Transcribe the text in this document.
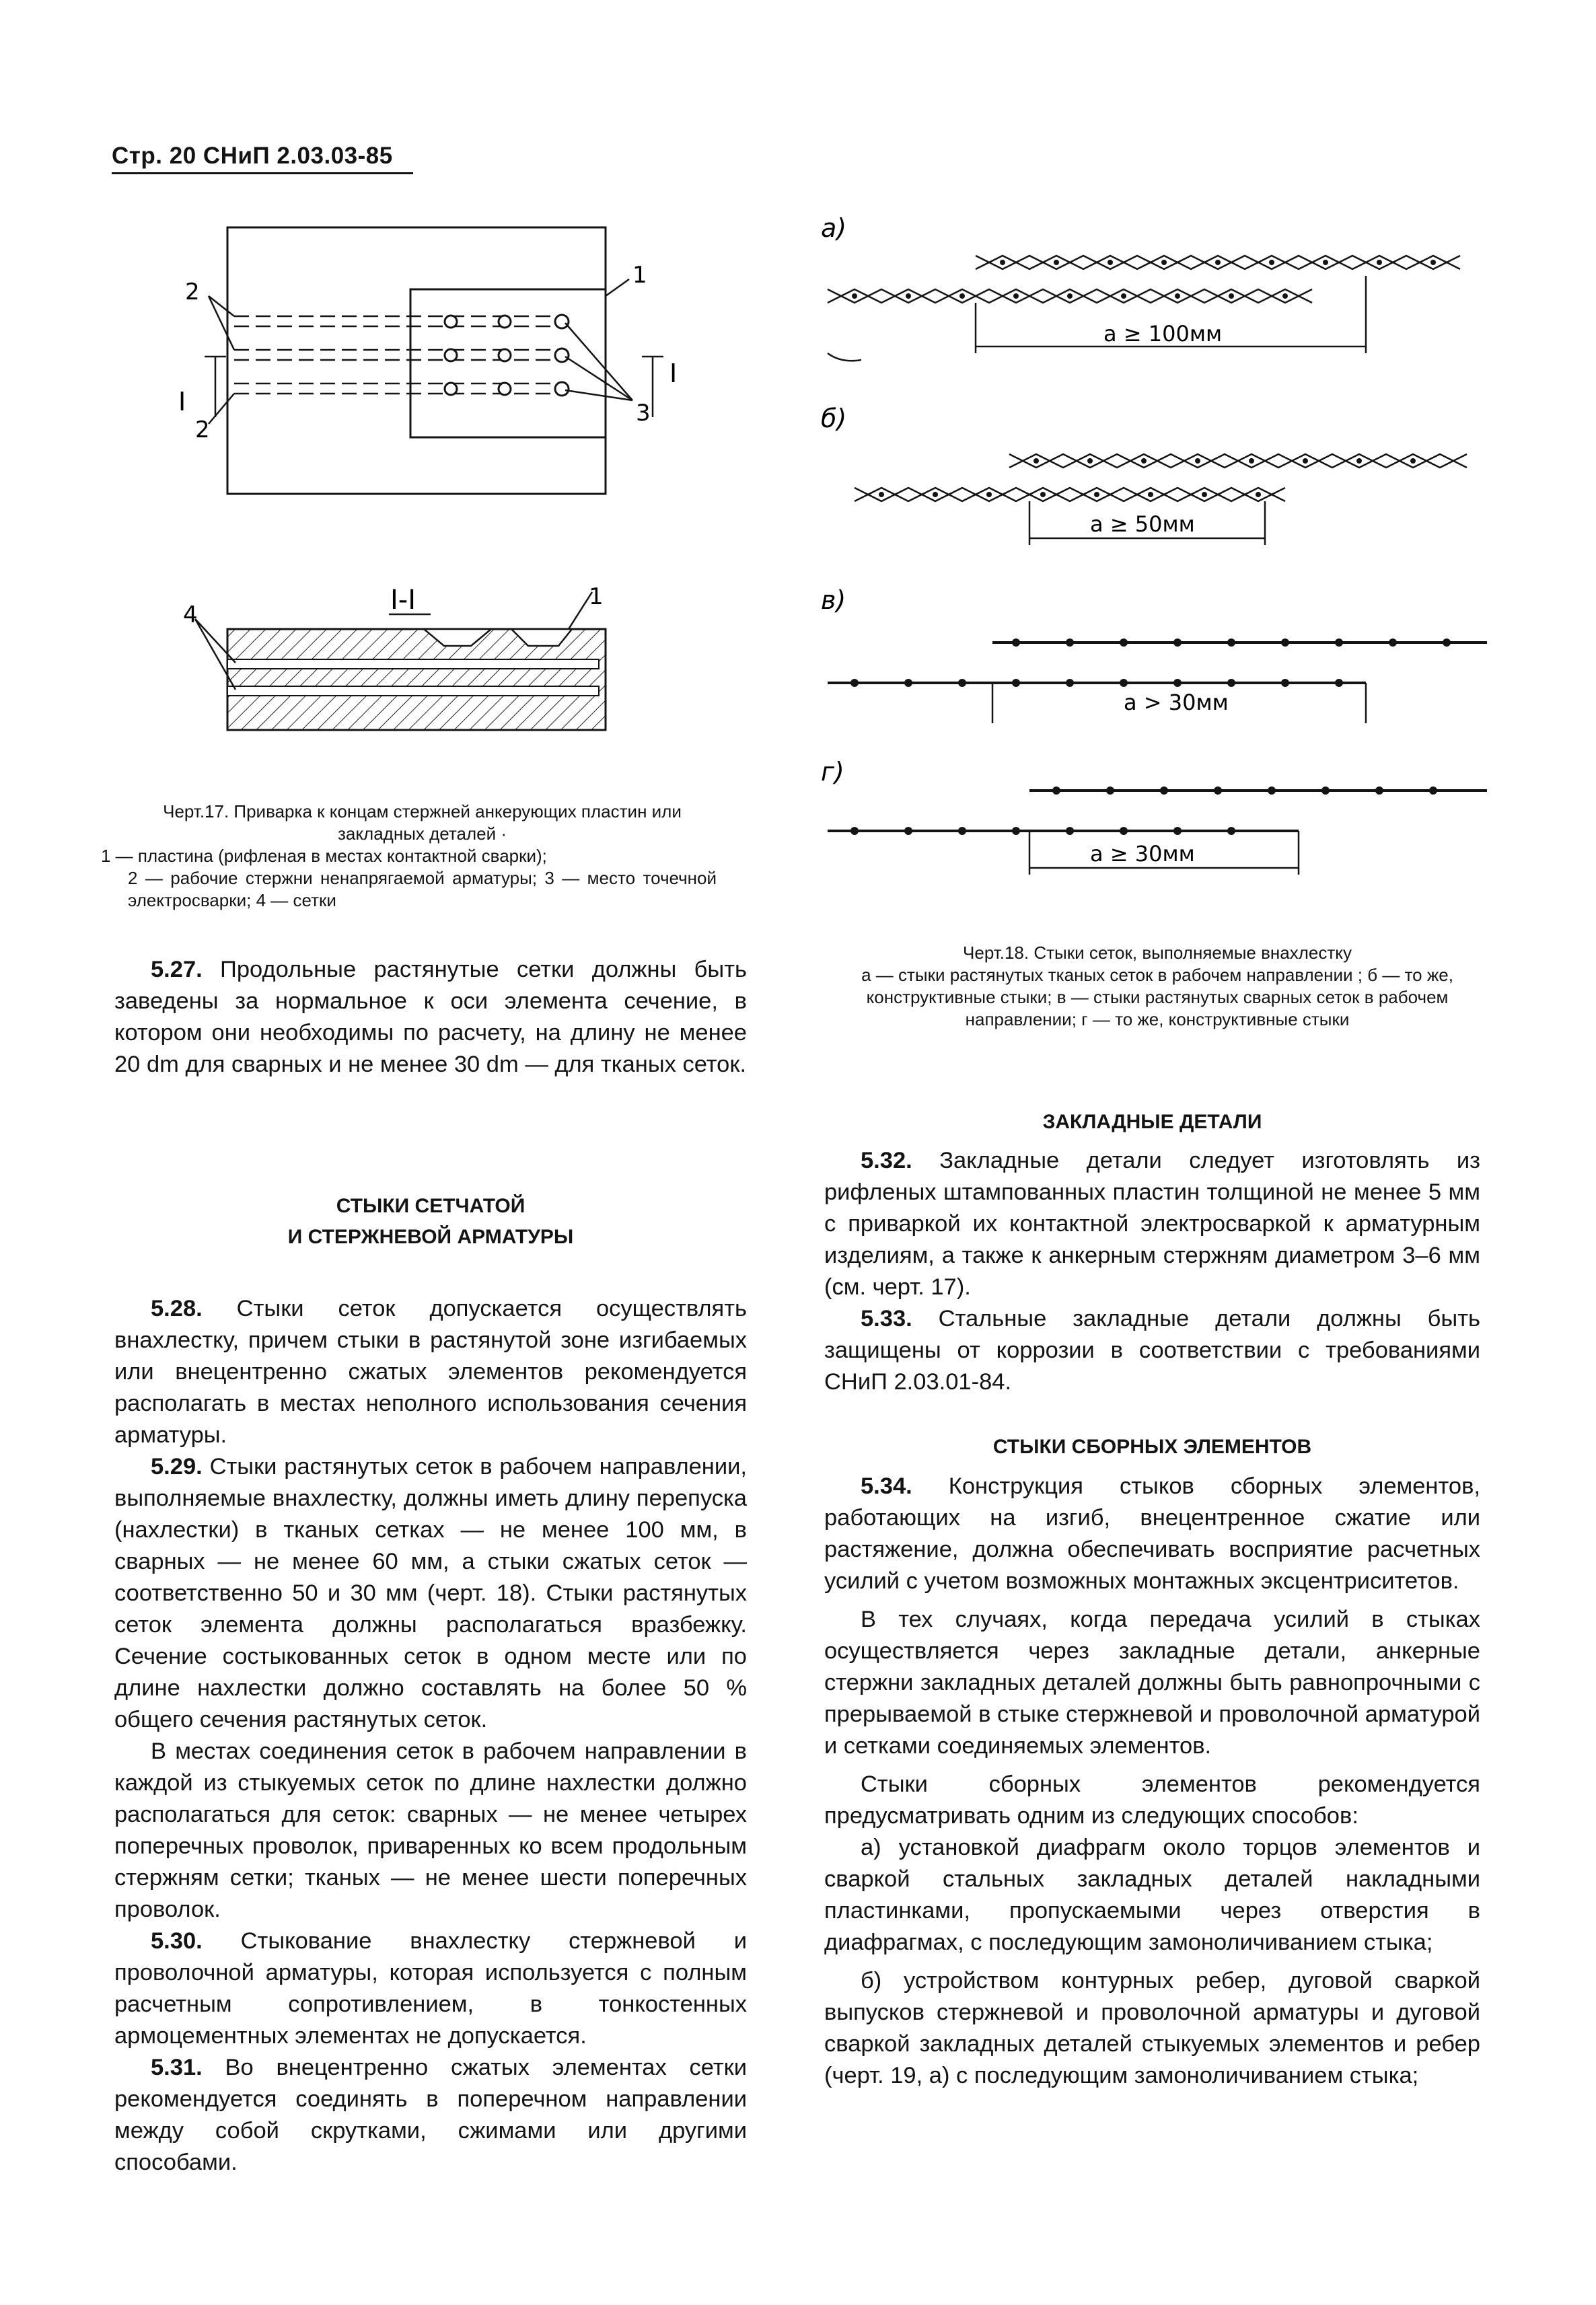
Стр. 20 СНиП 2.03.03-85
2
2
1
3
I
I
I-I
4
1
а)
б)
в)
г)
a ≥ 100мм
a ≥ 50мм
a > 30мм
a ≥ 30мм
Черт.17. Приварка к концам стержней анкерующих пластин или закладных деталей ·
1 — пластина (рифленая в местах контактной сварки);
2 — рабочие стержни ненапрягаемой арматуры; 3 — место точечной электросварки; 4 — сетки
Черт.18. Стыки сеток, выполняемые внахлестку
а — стыки растянутых тканых сеток в рабочем направлении ; б — то же, конструктивные стыки; в — стыки растянутых сварных сеток в рабочем направлении; г — то же, конструктивные стыки

5.27. Продольные растянутые сетки должны быть заведены за нормальное к оси элемента сечение, в котором они необходимы по расчету, на длину не менее 20 dm для сварных и не менее 30 dm — для тканых сеток.

СТЫКИ СЕТЧАТОЙ
И СТЕРЖНЕВОЙ АРМАТУРЫ

5.28. Стыки сеток допускается осуществлять внахлестку, причем стыки в растянутой зоне изгибаемых или внецентренно сжатых элементов рекомендуется располагать в местах неполного использования сечения арматуры.

5.29. Стыки растянутых сеток в рабочем направлении, выполняемые внахлестку, должны иметь длину перепуска (нахлестки) в тканых сетках — не менее 100 мм, в сварных — не менее 60 мм, а стыки сжатых сеток — соответственно 50 и 30 мм (черт. 18). Стыки растянутых сеток элемента должны располагаться вразбежку. Сечение состыкованных сеток в одном месте или по длине нахлестки должно составлять на более 50 % общего сечения растянутых сеток.

В местах соединения сеток в рабочем направлении в каждой из стыкуемых сеток по длине нахлестки должно располагаться для сеток: сварных — не менее четырех поперечных проволок, приваренных ко всем продольным стержням сетки; тканых — не менее шести поперечных проволок.

5.30. Стыкование внахлестку стержневой и проволочной арматуры, которая используется с полным расчетным сопротивлением, в тонкостенных армоцементных элементах не допускается.

5.31. Во внецентренно сжатых элементах сетки рекомендуется соединять в поперечном направлении между собой скрутками, сжимами или другими способами.

ЗАКЛАДНЫЕ ДЕТАЛИ

5.32. Закладные детали следует изготовлять из рифленых штампованных пластин толщиной не менее 5 мм с приваркой их контактной электросваркой к арматурным изделиям, а также к анкерным стержням диаметром 3–6 мм (см. черт. 17).

5.33. Стальные закладные детали должны быть защищены от коррозии в соответствии с требованиями СНиП 2.03.01-84.

СТЫКИ СБОРНЫХ ЭЛЕМЕНТОВ

5.34. Конструкция стыков сборных элементов, работающих на изгиб, внецентренное сжатие или растяжение, должна обеспечивать восприятие расчетных усилий с учетом возможных монтажных эксцентриситетов.

В тех случаях, когда передача усилий в стыках осуществляется через закладные детали, анкерные стержни закладных деталей должны быть равнопрочными с прерываемой в стыке стержневой и проволочной арматурой и сетками соединяемых элементов.

Стыки сборных элементов рекомендуется предусматривать одним из следующих способов:

а) установкой диафрагм около торцов элементов и сваркой стальных закладных деталей накладными пластинками, пропускаемыми через отверстия в диафрагмах, с последующим замоноличиванием стыка;

б) устройством контурных ребер, дуговой сваркой выпусков стержневой и проволочной арматуры и дуговой сваркой закладных деталей стыкуемых элементов и ребер (черт. 19, а) с последующим замоноличиванием стыка;
